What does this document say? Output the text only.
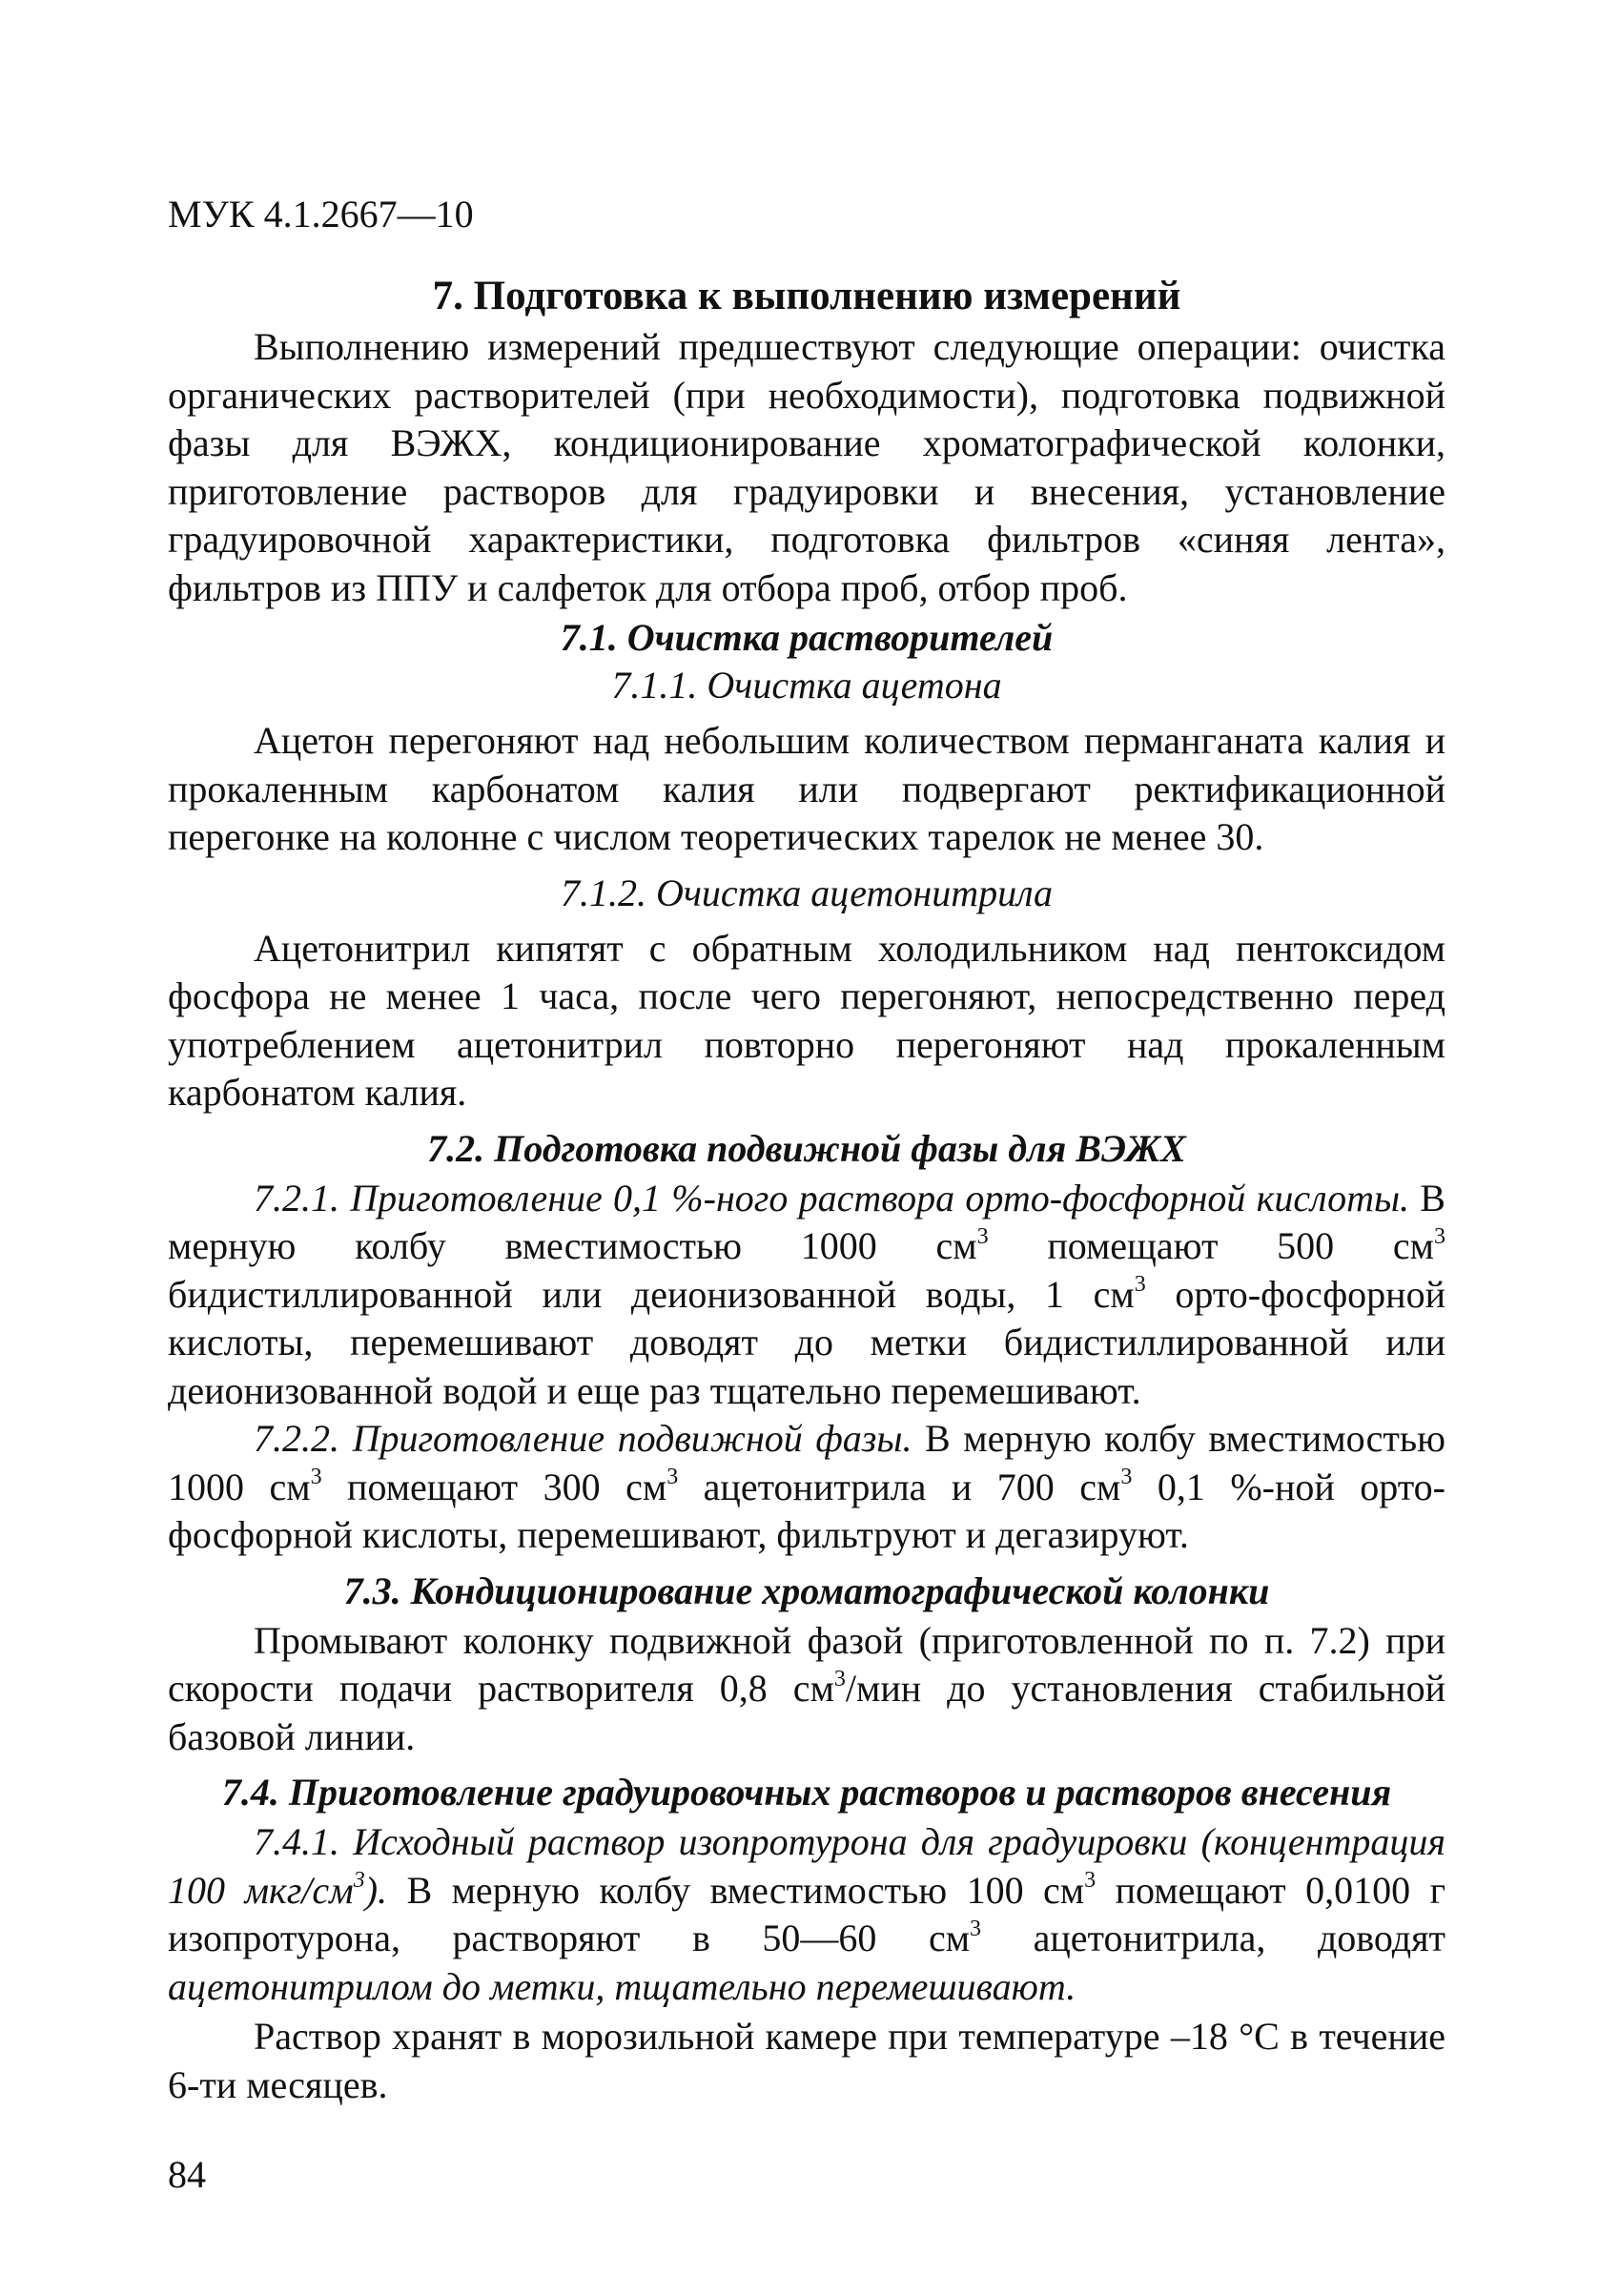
МУК 4.1.2667—10
7. Подготовка к выполнению измерений

Выполнению измерений предшествуют следующие операции: очистка органических растворителей (при необходимости), подготовка подвижной фазы для ВЭЖХ, кондиционирование хроматографической колонки, приготовление растворов для градуировки и внесения, установление градуировочной характеристики, подготовка фильтров «синяя лента», фильтров из ППУ и салфеток для отбора проб, отбор проб.

7.1. Очистка растворителей
7.1.1. Очистка ацетона

Ацетон перегоняют над небольшим количеством перманганата калия и прокаленным карбонатом калия или подвергают ректификационной перегонке на колонне с числом теоретических тарелок не менее 30.

7.1.2. Очистка ацетонитрила

Ацетонитрил кипятят с обратным холодильником над пентоксидом фосфора не менее 1 часа, после чего перегоняют, непосредственно перед употреблением ацетонитрил повторно перегоняют над прокаленным карбонатом калия.

7.2. Подготовка подвижной фазы для ВЭЖХ

7.2.1. Приготовление 0,1 %-ного раствора орто-фосфорной кислоты. В мерную колбу вместимостью 1000 $см^3$ помещают 500 $см^3$ бидистиллированной или деионизованной воды, 1 $см^3$ орто-фосфорной кислоты, перемешивают доводят до метки бидистиллированной или деионизованной водой и еще раз тщательно перемешивают.

7.2.2. Приготовление подвижной фазы. В мерную колбу вместимостью 1000 $см^3$ помещают 300 $см^3$ ацетонитрила и 700 $см^3$ 0,1 %-ной орто-фосфорной кислоты, перемешивают, фильтруют и дегазируют.

7.3. Кондиционирование хроматографической колонки

Промывают колонку подвижной фазой (приготовленной по п. 7.2) при скорости подачи растворителя 0,8 $см^3$/мин до установления стабильной базовой линии.

7.4. Приготовление градуировочных растворов и растворов внесения

7.4.1. Исходный раствор изопротурона для градуировки (концентрация 100 мкг/$см^3$). В мерную колбу вместимостью 100 $см^3$ помещают 0,0100 г изопротурона, растворяют в 50—60 $см^3$ ацетонитрила, доводят ацетонитрилом до метки, тщательно перемешивают.

Раствор хранят в морозильной камере при температуре –18 °С в течение 6-ти месяцев.

84
